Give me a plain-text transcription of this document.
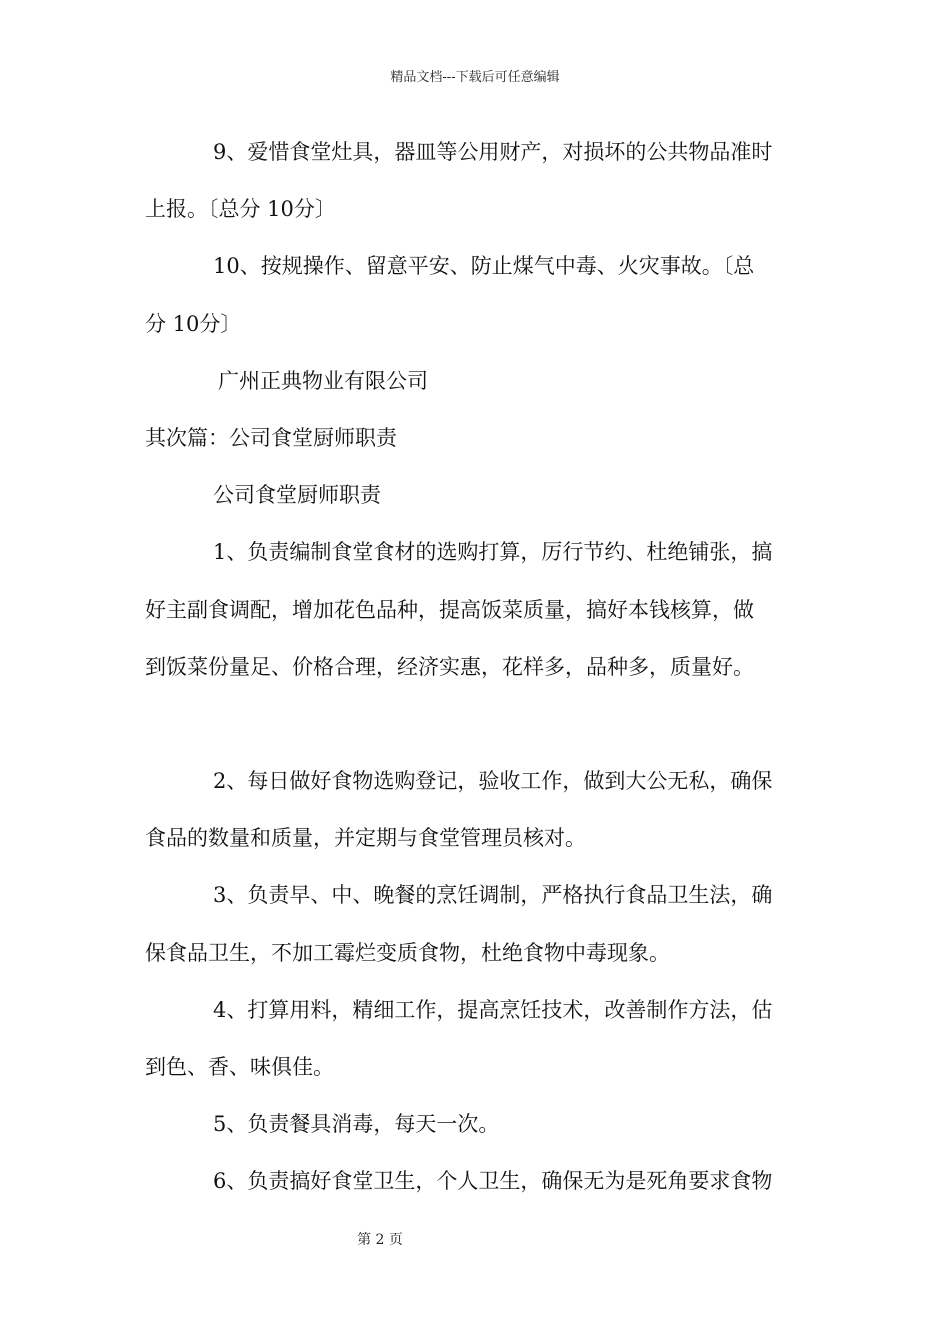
精品文档---下载后可任意编辑
9、爱惜食堂灶具，器皿等公用财产，对损坏的公共物品准时
上报。〔总分 10分〕
10、按规操作、留意平安、防止煤气中毒、火灾事故。〔总
分 10分〕
广州正典物业有限公司
其次篇：公司食堂厨师职责
公司食堂厨师职责
1、负责编制食堂食材的选购打算，厉行节约、杜绝铺张，搞
好主副食调配，增加花色品种，提高饭菜质量，搞好本钱核算，做
到饭菜份量足、价格合理，经济实惠，花样多，品种多，质量好。
2、每日做好食物选购登记，验收工作，做到大公无私，确保
食品的数量和质量，并定期与食堂管理员核对。
3、负责早、中、晚餐的烹饪调制，严格执行食品卫生法，确
保食品卫生，不加工霉烂变质食物，杜绝食物中毒现象。
4、打算用料，精细工作，提高烹饪技术，改善制作方法，估
到色、香、味俱佳。
5、负责餐具消毒，每天一次。
6、负责搞好食堂卫生，个人卫生，确保无为是死角要求食物
第 2 页
